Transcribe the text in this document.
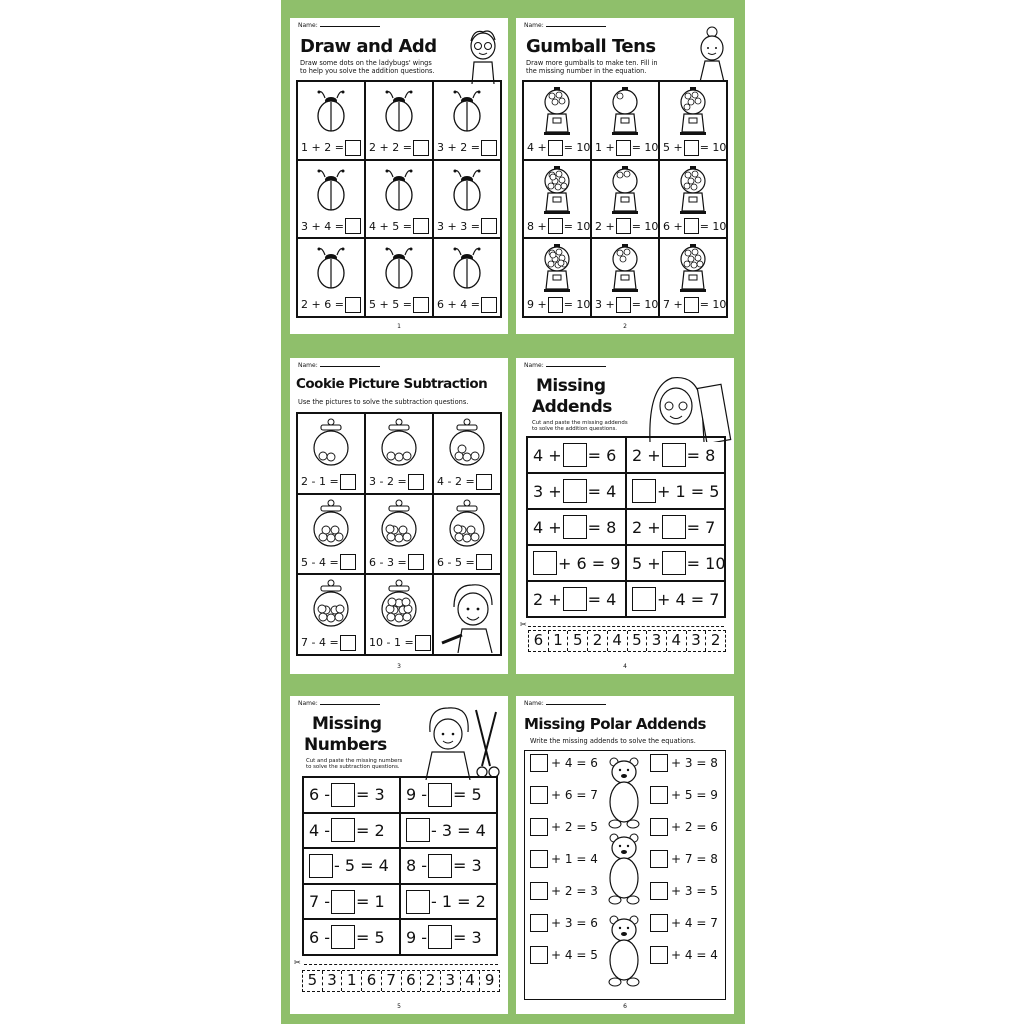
Name:
Draw and Add
Draw some dots on the ladybugs' wings
to help you solve the addition questions.
1 + 2 = 2 + 2 = 3 + 2 =
3 + 4 = 4 + 5 = 3 + 3 =
2 + 6 = 5 + 5 = 6 + 4 =
1
Name:
Gumball Tens
Draw more gumballs to make ten. Fill in
the missing number in the equation.
4 + = 10 1 + = 10 5 + = 10
8 + = 10 2 + = 10 6 + = 10
9 + = 10 3 + = 10 7 + = 10
2
Name:
Cookie Picture Subtraction
Use the pictures to solve the subtraction questions.
2 - 1 =	3 - 2 =	4 - 2 =
5 - 4 =	6 - 3 =	6 - 5 =
7 - 4 =	10 - 1 =
3
Name:
Missing
Addends
Cut and paste the missing addends
to solve the addition questions.
4 + = 6 2 + = 8
3 + = 4	+ 1 = 5
4 + = 8 2 + = 7
+ 6 = 9 5 + = 10
2 + = 4	+ 4 = 7
✂
6 1 5 2 4 5 3 4 3 2
4
Name:
Missing
Numbers
Cut and paste the missing numbers
to solve the subtraction questions.
6 - = 3 9 - = 5
4 - = 2	- 3 = 4
- 5 = 4 8 - = 3
7 - = 1	- 1 = 2
6 - = 5 9 - = 3
✂
5 3 1 6 7 6 2 3 4 9
5
Name:
Missing Polar Addends
Write the missing addends to solve the equations.
6
+ 4 = 6	+ 3 = 8
+ 6 = 7	+ 5 = 9
+ 2 = 5	+ 2 = 6
+ 1 = 4	+ 7 = 8
+ 2 = 3	+ 3 = 5
+ 3 = 6	+ 4 = 7
+ 4 = 5	+ 4 = 4
